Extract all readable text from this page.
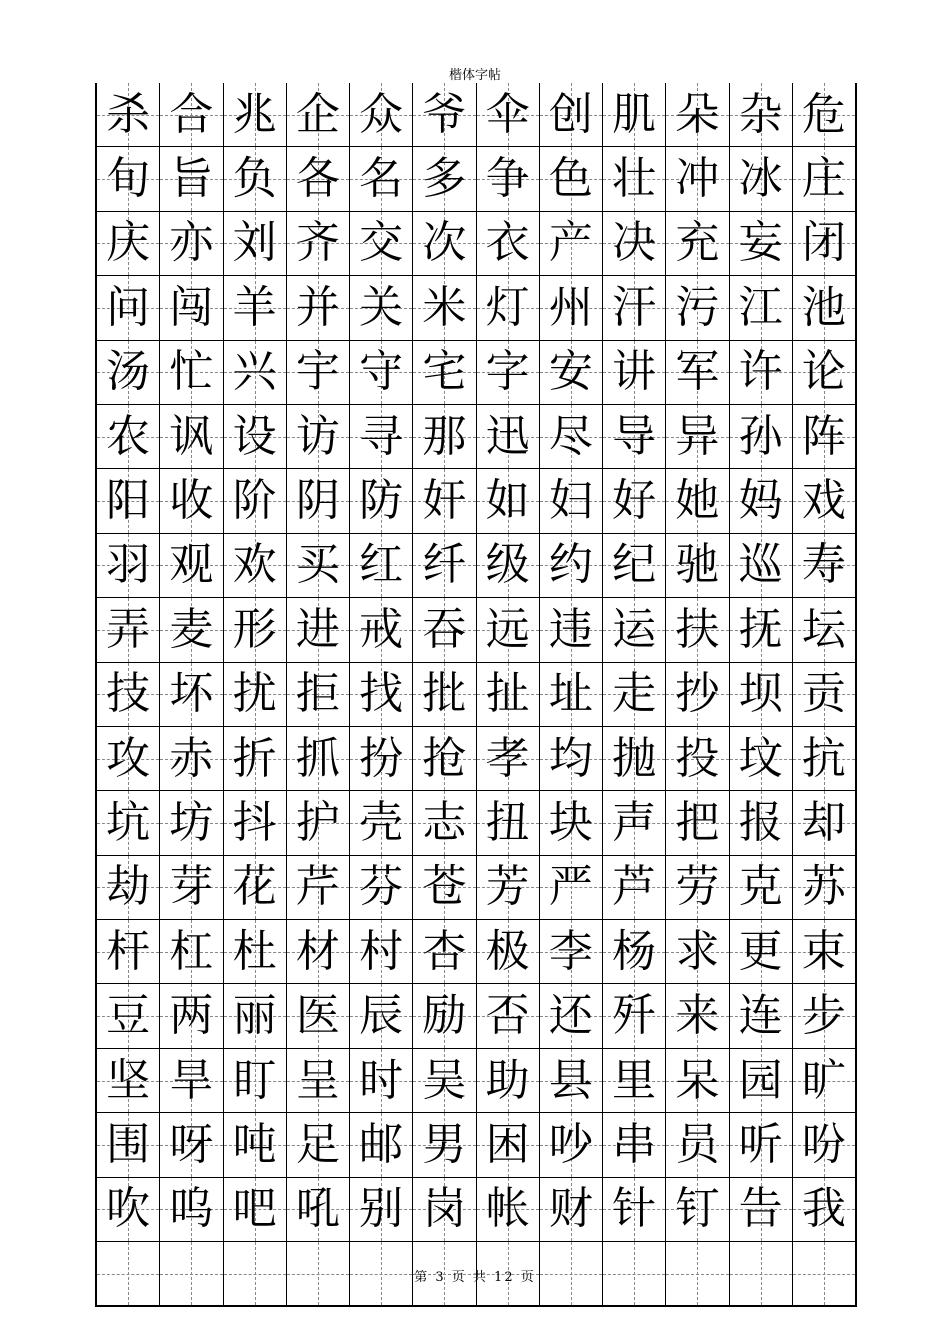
楷体字帖
杀 合 兆 企 众 爷 伞 创 肌 朵 杂 危
旬 旨 负 各 名 多 争 色 壮 冲 冰 庄
庆 亦 刘 齐 交 次 衣 产 决 充 妄 闭
问 闯 羊 并 关 米 灯 州 汗 污 江 池
汤 忙 兴 宇 守 宅 字 安 讲 军 许 论
农 讽 设 访 寻 那 迅 尽 导 异 孙 阵
阳 收 阶 阴 防 奸 如 妇 好 她 妈 戏
羽 观 欢 买 红 纤 级 约 纪 驰 巡 寿
弄 麦 形 进 戒 吞 远 违 运 扶 抚 坛
技 坏 扰 拒 找 批 扯 址 走 抄 坝 贡
攻 赤 折 抓 扮 抢 孝 均 抛 投 坟 抗
坑 坊 抖 护 壳 志 扭 块 声 把 报 却
劫 芽 花 芹 芬 苍 芳 严 芦 劳 克 苏
杆 杠 杜 材 村 杏 极 李 杨 求 更 束
豆 两 丽 医 辰 励 否 还 歼 来 连 步
坚 旱 盯 呈 时 吴 助 县 里 呆 园 旷
围 呀 吨 足 邮 男 困 吵 串 员 听 吩
吹 呜 吧 吼 别 岗 帐 财 针 钉 告 我
第 3 页 共 12 页
